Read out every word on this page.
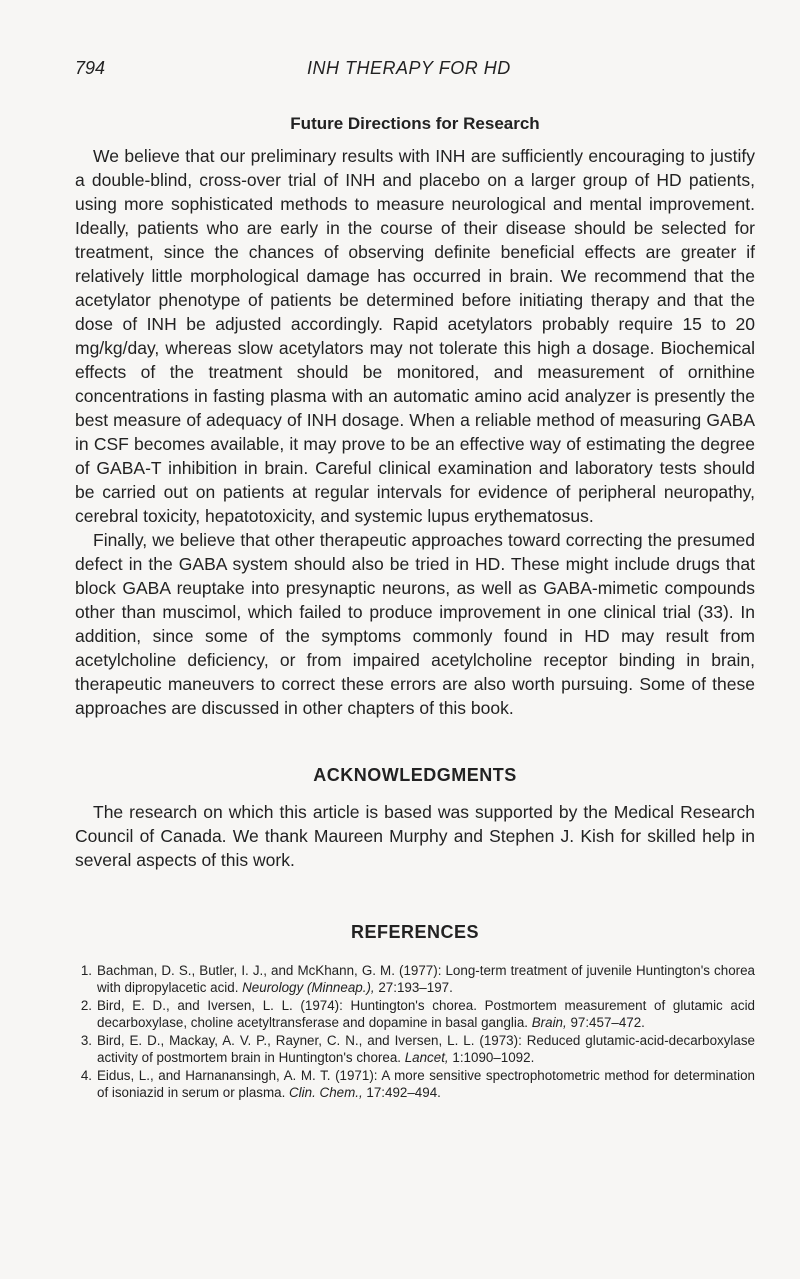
794	INH THERAPY FOR HD
Future Directions for Research

We believe that our preliminary results with INH are sufficiently encouraging to justify a double-blind, cross-over trial of INH and placebo on a larger group of HD patients, using more sophisticated methods to measure neurological and mental improvement. Ideally, patients who are early in the course of their disease should be selected for treatment, since the chances of observing definite beneficial effects are greater if relatively little morphological damage has occurred in brain. We recommend that the acetylator phenotype of patients be determined before initiating therapy and that the dose of INH be adjusted accordingly. Rapid acetylators probably require 15 to 20 mg/kg/day, whereas slow acetylators may not tolerate this high a dosage. Biochemical effects of the treatment should be monitored, and measurement of ornithine concentrations in fasting plasma with an automatic amino acid analyzer is presently the best measure of adequacy of INH dosage. When a reliable method of measuring GABA in CSF becomes available, it may prove to be an effective way of estimating the degree of GABA-T inhibition in brain. Careful clinical examination and laboratory tests should be carried out on patients at regular intervals for evidence of peripheral neuropathy, cerebral toxicity, hepatotoxicity, and systemic lupus erythematosus.

Finally, we believe that other therapeutic approaches toward correcting the presumed defect in the GABA system should also be tried in HD. These might include drugs that block GABA reuptake into presynaptic neurons, as well as GABA-mimetic compounds other than muscimol, which failed to produce improvement in one clinical trial (33). In addition, since some of the symptoms commonly found in HD may result from acetylcholine deficiency, or from impaired acetylcholine receptor binding in brain, therapeutic maneuvers to correct these errors are also worth pursuing. Some of these approaches are discussed in other chapters of this book.

ACKNOWLEDGMENTS

The research on which this article is based was supported by the Medical Research Council of Canada. We thank Maureen Murphy and Stephen J. Kish for skilled help in several aspects of this work.

REFERENCES
1. Bachman, D. S., Butler, I. J., and McKhann, G. M. (1977): Long-term treatment of juvenile Huntington's chorea with dipropylacetic acid. Neurology (Minneap.), 27:193–197.
2. Bird, E. D., and Iversen, L. L. (1974): Huntington's chorea. Postmortem measurement of glutamic acid decarboxylase, choline acetyltransferase and dopamine in basal ganglia. Brain, 97:457–472.
3. Bird, E. D., Mackay, A. V. P., Rayner, C. N., and Iversen, L. L. (1973): Reduced glutamic-acid-decarboxylase activity of postmortem brain in Huntington's chorea. Lancet, 1:1090–1092.
4. Eidus, L., and Harnanansingh, A. M. T. (1971): A more sensitive spectrophotometric method for determination of isoniazid in serum or plasma. Clin. Chem., 17:492–494.
